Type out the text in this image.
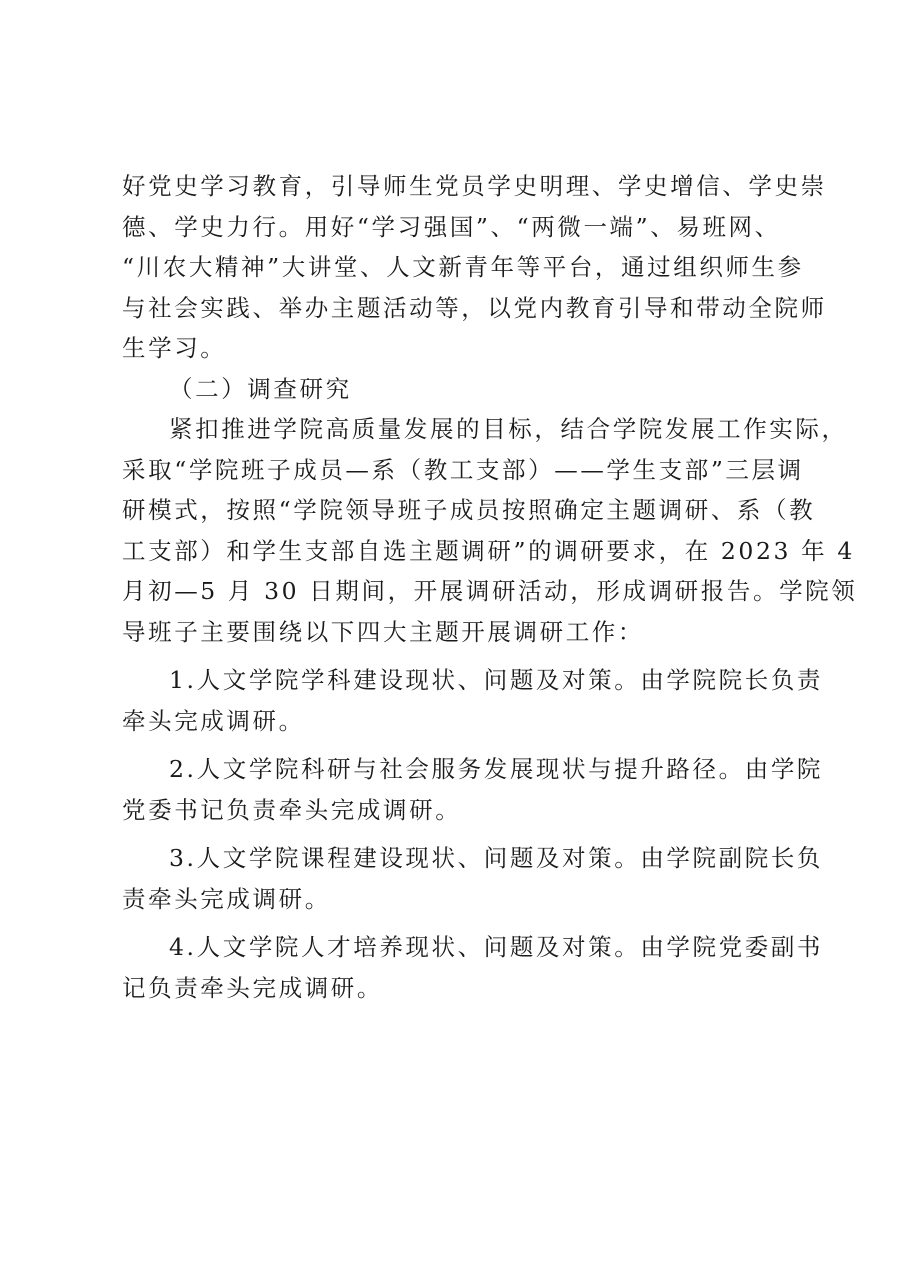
好党史学习教育，引导师生党员学史明理、学史增信、学史崇
德、学史力行。用好“学习强国”、“两微一端”、易班网、
“川农大精神”大讲堂、人文新青年等平台，通过组织师生参
与社会实践、举办主题活动等，以党内教育引导和带动全院师
生学习。

（二）调查研究

紧扣推进学院高质量发展的目标，结合学院发展工作实际，
采取“学院班子成员—系（教工支部）——学生支部”三层调
研模式，按照“学院领导班子成员按照确定主题调研、系（教
工支部）和学生支部自选主题调研”的调研要求，在 2023 年 4
月初—5 月 30 日期间，开展调研活动，形成调研报告。学院领
导班子主要围绕以下四大主题开展调研工作：

1.人文学院学科建设现状、问题及对策。由学院院长负责
牵头完成调研。

2.人文学院科研与社会服务发展现状与提升路径。由学院
党委书记负责牵头完成调研。

3.人文学院课程建设现状、问题及对策。由学院副院长负
责牵头完成调研。

4.人文学院人才培养现状、问题及对策。由学院党委副书
记负责牵头完成调研。
